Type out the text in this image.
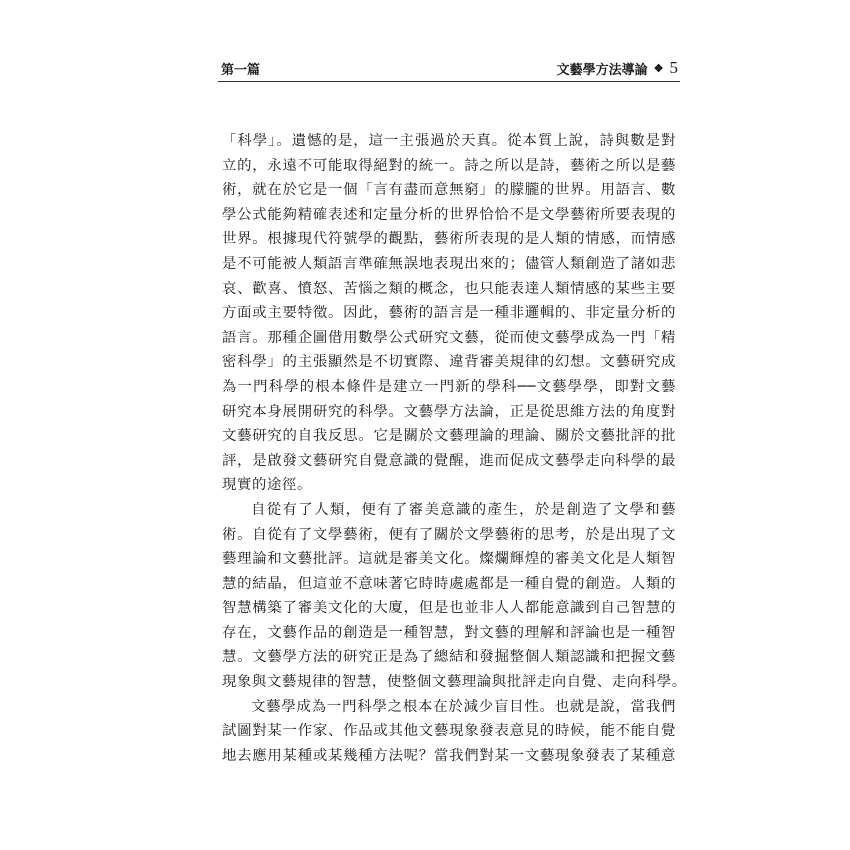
第一篇	文藝學方法導論 ❖ 5
「科學」。遺憾的是，這一主張過於天真。從本質上說，詩與數是對
立的，永遠不可能取得絕對的統一。詩之所以是詩，藝術之所以是藝
術，就在於它是一個「言有盡而意無窮」的朦朧的世界。用語言、數
學公式能夠精確表述和定量分析的世界恰恰不是文學藝術所要表現的
世界。根據現代符號學的觀點，藝術所表現的是人類的情感，而情感
是不可能被人類語言準確無誤地表現出來的；儘管人類創造了諸如悲
哀、歡喜、憤怒、苦惱之類的概念，也只能表達人類情感的某些主要
方面或主要特徵。因此，藝術的語言是一種非邏輯的、非定量分析的
語言。那種企圖借用數學公式研究文藝，從而使文藝學成為一門「精
密科學」的主張顯然是不切實際、違背審美規律的幻想。文藝研究成
為一門科學的根本條件是建立一門新的學科──文藝學學，即對文藝
研究本身展開研究的科學。文藝學方法論，正是從思維方法的角度對
文藝研究的自我反思。它是關於文藝理論的理論、關於文藝批評的批
評，是啟發文藝研究自覺意識的覺醒，進而促成文藝學走向科學的最
現實的途徑。
自從有了人類，便有了審美意識的產生，於是創造了文學和藝
術。自從有了文學藝術，便有了關於文學藝術的思考，於是出現了文
藝理論和文藝批評。這就是審美文化。燦爛輝煌的審美文化是人類智
慧的結晶，但這並不意味著它時時處處都是一種自覺的創造。人類的
智慧構築了審美文化的大廈，但是也並非人人都能意識到自己智慧的
存在，文藝作品的創造是一種智慧，對文藝的理解和評論也是一種智
慧。文藝學方法的研究正是為了總結和發掘整個人類認識和把握文藝
現象與文藝規律的智慧，使整個文藝理論與批評走向自覺、走向科學。
文藝學成為一門科學之根本在於減少盲目性。也就是說，當我們
試圖對某一作家、作品或其他文藝現象發表意見的時候，能不能自覺
地去應用某種或某幾種方法呢？當我們對某一文藝現象發表了某種意
